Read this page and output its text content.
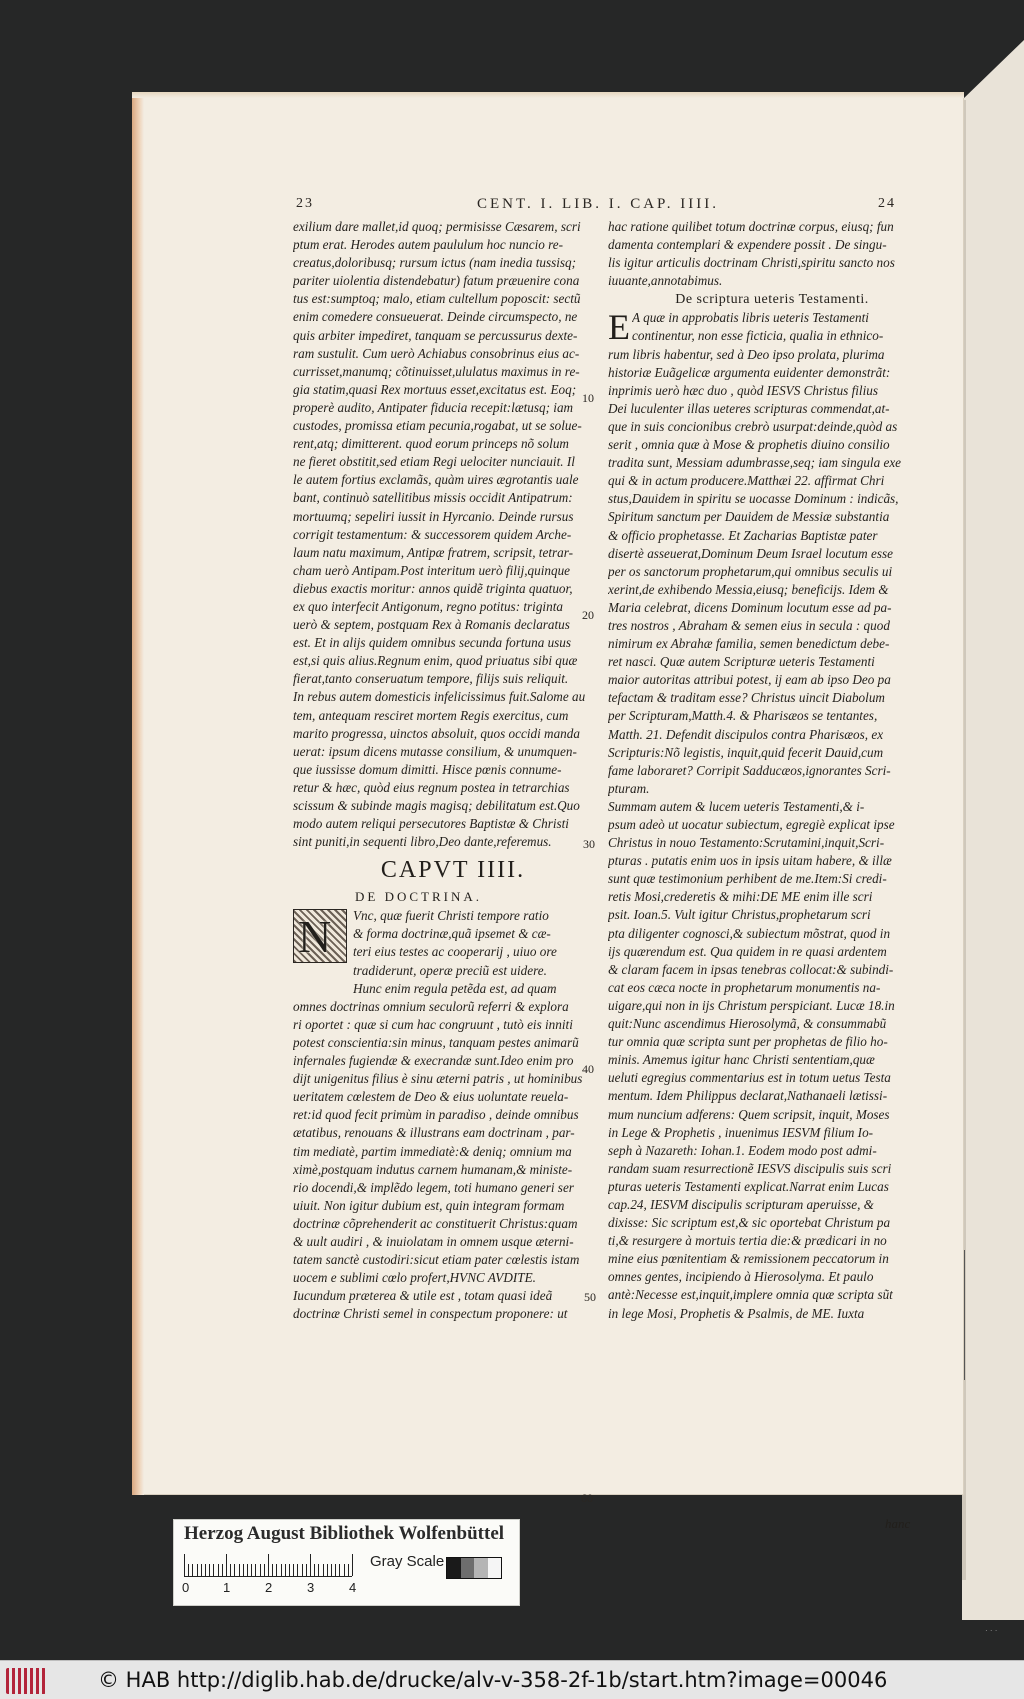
· · ·
23	CENT. I. LIB. I. CAP. IIII.	24
exilium dare mallet,id quoq; permisisse Cæsarem, scri
ptum erat. Herodes autem paululum hoc nuncio re-
creatus,doloribusq; rursum ictus (nam inedia tussisq;
pariter uiolentia distendebatur) fatum præuenire cona
tus est:sumptoq; malo, etiam cultellum poposcit: sectũ
enim comedere consueuerat. Deinde circumspecto, ne
quis arbiter impediret, tanquam se percussurus dexte-
ram sustulit. Cum uerò Achiabus consobrinus eius ac-
currisset,manumq; cõtinuisset,ululatus maximus in re-
gia statim,quasi Rex mortuus esset,excitatus est. Eoq;
properè audito, Antipater fiducia recepit:lætusq; iam
custodes, promissa etiam pecunia,rogabat, ut se solue-
rent,atq; dimitterent. quod eorum princeps nõ solum
ne fieret obstitit,sed etiam Regi uelociter nunciauit. Il
le autem fortius exclamãs, quàm uires ægrotantis uale
bant, continuò satellitibus missis occidit Antipatrum:
mortuumq; sepeliri iussit in Hyrcanio. Deinde rursus
corrigit testamentum: & successorem quidem Arche-
laum natu maximum, Antipæ fratrem, scripsit, tetrar-
cham uerò Antipam.Post interitum uerò filij,quinque
diebus exactis moritur: annos quidẽ triginta quatuor,
ex quo interfecit Antigonum, regno potitus: triginta
uerò & septem, postquam Rex à Romanis declaratus
est. Et in alijs quidem omnibus secunda fortuna usus
est,si quis alius.Regnum enim, quod priuatus sibi quæ
fierat,tanto conseruatum tempore, filijs suis reliquit.
In rebus autem domesticis infelicissimus fuit.Salome au
tem, antequam resciret mortem Regis exercitus, cum
marito progressa, uinctos absoluit, quos occidi manda
uerat: ipsum dicens mutasse consilium, & unumquen-
que iussisse domum dimitti. Hisce pœnis connume-
retur & hæc, quòd eius regnum postea in tetrarchias
scissum & subinde magis magisq; debilitatum est.Quo
modo autem reliqui persecutores Baptistæ & Christi
sint puniti,in sequenti libro,Deo dante,referemus.
CAPVT IIII.
DE DOCTRINA.
N Vnc, quæ fuerit Christi tempore ratio
& forma doctrinæ,quã ipsemet & cæ-
teri eius testes ac cooperarij , uiuo ore
tradiderunt, operæ preciũ est uidere.
Hunc enim regula petẽda est, ad quam
omnes doctrinas omnium seculorũ referri & explora
ri oportet : quæ si cum hac congruunt , tutò eis inniti
potest conscientia:sin minus, tanquam pestes animarũ
infernales fugiendæ & execrandæ sunt.Ideo enim pro
dijt unigenitus filius è sinu æterni patris , ut hominibus
ueritatem cœlestem de Deo & eius uoluntate reuela-
ret:id quod fecit primùm in paradiso , deinde omnibus
ætatibus, renouans & illustrans eam doctrinam , par-
tim mediatè, partim immediatè:& deniq; omnium ma
ximè,postquam indutus carnem humanam,& ministe-
rio docendi,& implẽdo legem, toti humano generi ser
uiuit. Non igitur dubium est, quin integram formam
doctrinæ cõprehenderit ac constituerit Christus:quam
& uult audiri , & inuiolatam in omnem usque æterni-
tatem sanctè custodiri:sicut etiam pater cœlestis istam
uocem e sublimi cœlo profert,HVNC AVDITE.
Iucundum præterea & utile est , totam quasi ideã
doctrinæ Christi semel in conspectum proponere: ut
hac ratione quilibet totum doctrinæ corpus, eiusq; fun
damenta contemplari & expendere possit . De singu-
lis igitur articulis doctrinam Christi,spiritu sancto nos
iuuante,annotabimus.
De scriptura ueteris Testamenti.
E A quæ in approbatis libris ueteris Testamenti
continentur, non esse ficticia, qualia in ethnico-
rum libris habentur, sed à Deo ipso prolata, plurima
historiæ Euãgelicæ argumenta euidenter demonstrãt:
inprimis uerò hæc duo , quòd IESVS Christus filius
Dei luculenter illas ueteres scripturas commendat,at-
que in suis concionibus crebrò usurpat:deinde,quòd as
serit , omnia quæ à Mose & prophetis diuino consilio
tradita sunt, Messiam adumbrasse,seq; iam singula exe
qui & in actum producere.Matthæi 22. affirmat Chri
stus,Dauidem in spiritu se uocasse Dominum : indicãs,
Spiritum sanctum per Dauidem de Messiæ substantia
& officio prophetasse. Et Zacharias Baptistæ pater
disertè asseuerat,Dominum Deum Israel locutum esse
per os sanctorum prophetarum,qui omnibus seculis ui
xerint,de exhibendo Messia,eiusq; beneficijs. Idem &
Maria celebrat, dicens Dominum locutum esse ad pa-
tres nostros , Abraham & semen eius in secula : quod
nimirum ex Abrahæ familia, semen benedictum debe-
ret nasci. Quæ autem Scripturæ ueteris Testamenti
maior autoritas attribui potest, ij eam ab ipso Deo pa
tefactam & traditam esse? Christus uincit Diabolum
per Scripturam,Matth.4. & Pharisæos se tentantes,
Matth. 21. Defendit discipulos contra Pharisæos, ex
Scripturis:Nõ legistis, inquit,quid fecerit Dauid,cum
fame laboraret? Corripit Sadducæos,ignorantes Scri-
pturam.
Summam autem & lucem ueteris Testamenti,& i-
psum adeò ut uocatur subiectum, egregiè explicat ipse
Christus in nouo Testamento:Scrutamini,inquit,Scri-
pturas . putatis enim uos in ipsis uitam habere, & illæ
sunt quæ testimonium perhibent de me.Item:Si credi-
retis Mosi,crederetis & mihi:DE ME enim ille scri
psit. Ioan.5. Vult igitur Christus,prophetarum scri
pta diligenter cognosci,& subiectum mõstrat, quod in
ijs quærendum est. Qua quidem in re quasi ardentem
& claram facem in ipsas tenebras collocat:& subindi-
cat eos cæca nocte in prophetarum monumentis na-
uigare,qui non in ijs Christum perspiciant. Lucæ 18.in
quit:Nunc ascendimus Hierosolymã, & consummabũ
tur omnia quæ scripta sunt per prophetas de filio ho-
minis. Amemus igitur hanc Christi sententiam,quæ
ueluti egregius commentarius est in totum uetus Testa
mentum. Idem Philippus declarat,Nathanaeli lætissi-
mum nuncium adferens: Quem scripsit, inquit, Moses
in Lege & Prophetis , inuenimus IESVM filium Io-
seph à Nazareth: Iohan.1. Eodem modo post admi-
randam suam resurrectionẽ IESVS discipulis suis scri
pturas ueteris Testamenti explicat.Narrat enim Lucas
cap.24, IESVM discipulis scripturam aperuisse, &
dixisse: Sic scriptum est,& sic oportebat Christum pa
ti,& resurgere à mortuis tertia die:& prædicari in no
mine eius pœnitentiam & remissionem peccatorum in
omnes gentes, incipiendo à Hierosolyma. Et paulo
antè:Necesse est,inquit,implere omnia quæ scripta sũt
in lege Mosi, Prophetis & Psalmis, de ME. Iuxta
10
20
30
40
50
60
hanc
Herzog August Bibliothek Wolfenbüttel
0	1	2	3	4
Gray Scale
© HAB http://diglib.hab.de/drucke/alv-v-358-2f-1b/start.htm?image=00046
